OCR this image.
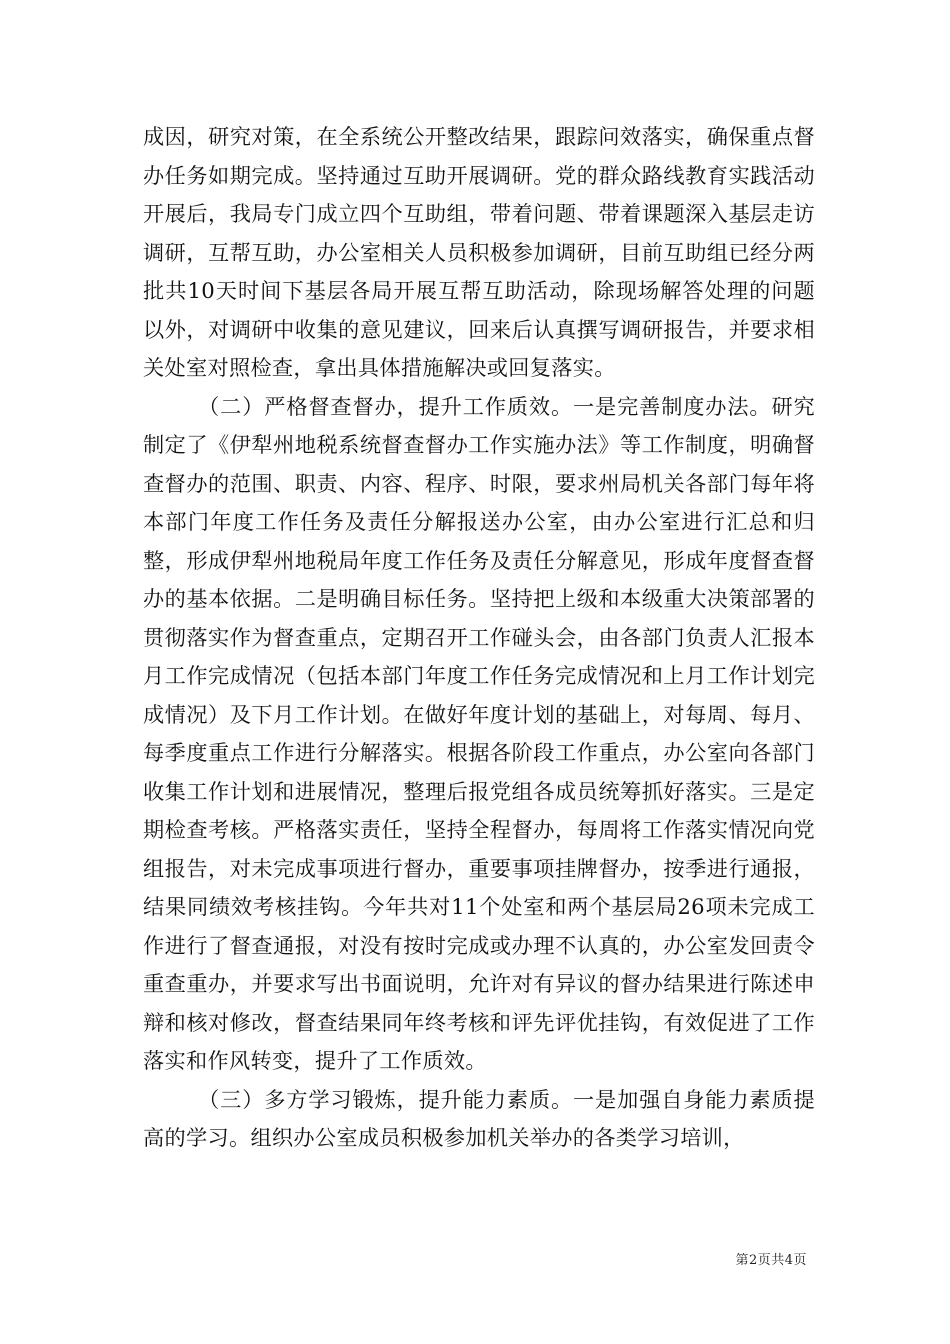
成因，研究对策，在全系统公开整改结果，跟踪问效落实，确保重点督办任务如期完成。坚持通过互助开展调研。党的群众路线教育实践活动开展后，我局专门成立四个互助组，带着问题、带着课题深入基层走访调研，互帮互助，办公室相关人员积极参加调研，目前互助组已经分两批共10天时间下基层各局开展互帮互助活动，除现场解答处理的问题以外，对调研中收集的意见建议，回来后认真撰写调研报告，并要求相关处室对照检查，拿出具体措施解决或回复落实。

（二）严格督查督办，提升工作质效。一是完善制度办法。研究制定了《伊犁州地税系统督查督办工作实施办法》等工作制度，明确督查督办的范围、职责、内容、程序、时限，要求州局机关各部门每年将本部门年度工作任务及责任分解报送办公室，由办公室进行汇总和归整，形成伊犁州地税局年度工作任务及责任分解意见，形成年度督查督办的基本依据。二是明确目标任务。坚持把上级和本级重大决策部署的贯彻落实作为督查重点，定期召开工作碰头会，由各部门负责人汇报本月工作完成情况（包括本部门年度工作任务完成情况和上月工作计划完成情况）及下月工作计划。在做好年度计划的基础上，对每周、每月、每季度重点工作进行分解落实。根据各阶段工作重点，办公室向各部门收集工作计划和进展情况，整理后报党组各成员统筹抓好落实。三是定期检查考核。严格落实责任，坚持全程督办，每周将工作落实情况向党组报告，对未完成事项进行督办，重要事项挂牌督办，按季进行通报，结果同绩效考核挂钩。今年共对11个处室和两个基层局26项未完成工作进行了督查通报，对没有按时完成或办理不认真的，办公室发回责令重查重办，并要求写出书面说明，允许对有异议的督办结果进行陈述申辩和核对修改，督查结果同年终考核和评先评优挂钩，有效促进了工作落实和作风转变，提升了工作质效。

（三）多方学习锻炼，提升能力素质。一是加强自身能力素质提高的学习。组织办公室成员积极参加机关举办的各类学习培训，

第2页共4页
